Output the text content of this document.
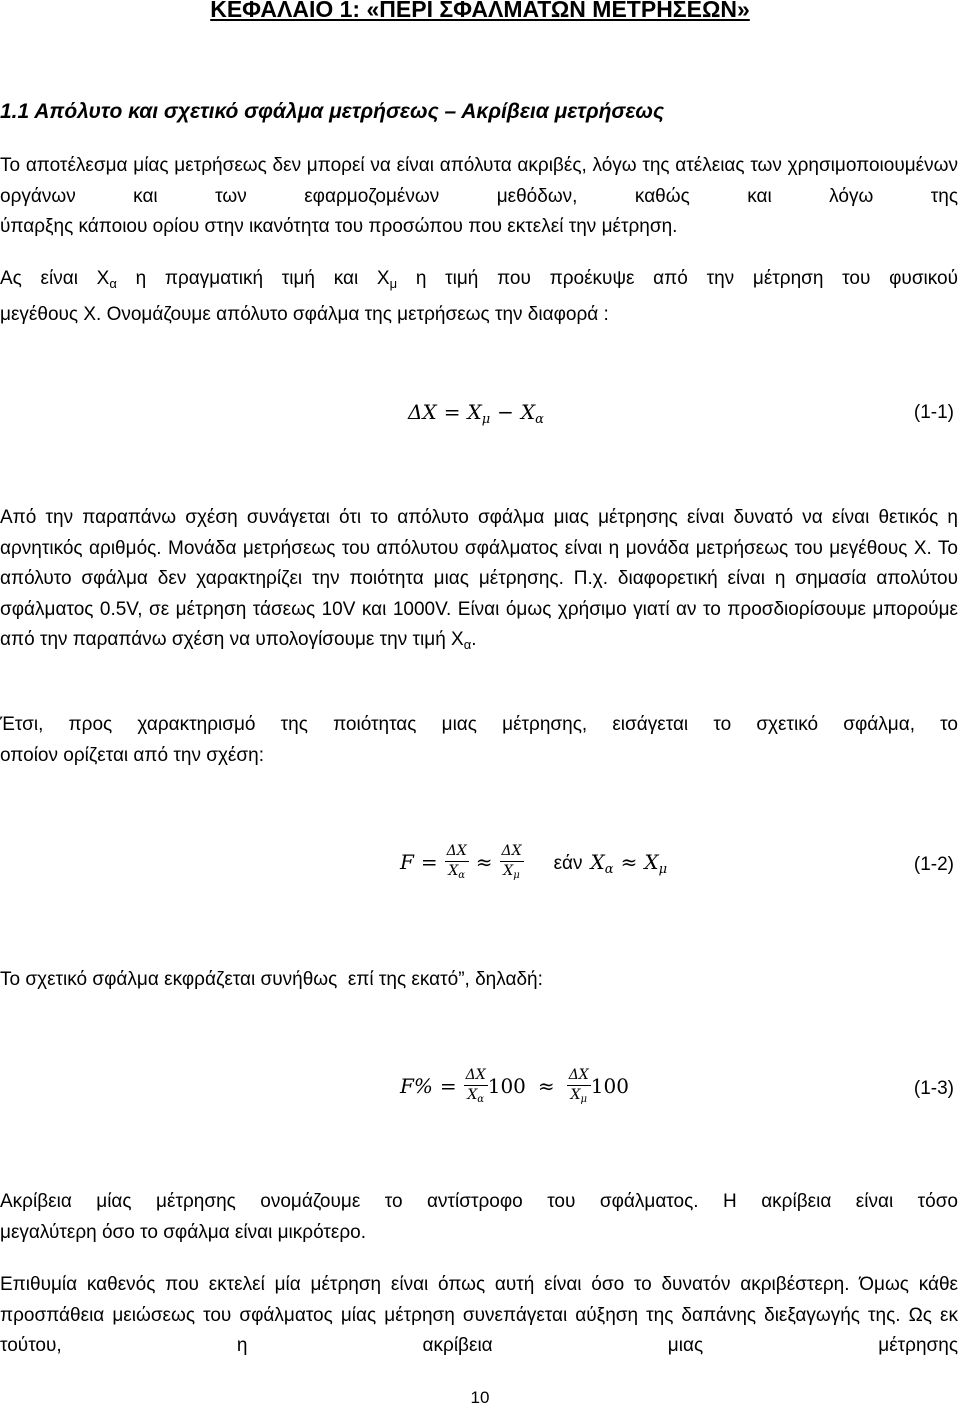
ΚΕΦΑΛΑΙΟ 1: «ΠΕΡΙ ΣΦΑΛΜΑΤΩΝ ΜΕΤΡΗΣΕΩΝ»
1.1 Απόλυτο και σχετικό σφάλμα μετρήσεως – Ακρίβεια μετρήσεως

Το αποτέλεσμα μίας μετρήσεως δεν μπορεί να είναι απόλυτα ακριβές, λόγω της ατέλειας των χρησιμοποιουμένων οργάνων και των εφαρμοζομένων μεθόδων, καθώς και λόγω της ύπαρξης κάποιου ορίου στην ικανότητα του προσώπου που εκτελεί την μέτρηση.

Ας είναι $X_\alpha$ η πραγματική τιμή και $X_\mu$ η τιμή που προέκυψε από την μέτρηση του φυσικού μεγέθους Χ. Ονομάζουμε απόλυτο σφάλμα της μετρήσεως την διαφορά :

$\Delta X = X_\mu - X_\alpha$	(1-1)

Από την παραπάνω σχέση συνάγεται ότι το απόλυτο σφάλμα μιας μέτρησης είναι δυνατό να είναι θετικός η αρνητικός αριθμός. Μονάδα μετρήσεως του απόλυτου σφάλματος είναι η μονάδα μετρήσεως του μεγέθους Χ. Το απόλυτο σφάλμα δεν χαρακτηρίζει την ποιότητα μιας μέτρησης. Π.χ. διαφορετική είναι η σημασία απολύτου σφάλματος 0.5V, σε μέτρηση τάσεως 10V και 1000V. Είναι όμως χρήσιμο γιατί αν το προσδιορίσουμε μπορούμε από την παραπάνω σχέση να υπολογίσουμε την τιμή $X_\alpha$.

Έτσι, προς χαρακτηρισμό της ποιότητας μιας μέτρησης, εισάγεται το σχετικό σφάλμα, το οποίον ορίζεται από την σχέση:

$F = \frac{\Delta X}{X_\alpha} \approx \frac{\Delta X}{X_\mu}$ εάν $X_\alpha \approx X_\mu$	(1-2)

Το σχετικό σφάλμα εκφράζεται συνήθως  επί της εκατό”, δηλαδή:

$F\% = \frac{\Delta X}{X_\alpha} 100 \approx \frac{\Delta X}{X_\mu} 100$	(1-3)

Ακρίβεια μίας μέτρησης ονομάζουμε το αντίστροφο του σφάλματος. Η ακρίβεια είναι τόσο μεγαλύτερη όσο το σφάλμα είναι μικρότερο.

Επιθυμία καθενός που εκτελεί μία μέτρηση είναι όπως αυτή είναι όσο το δυνατόν ακριβέστερη. Όμως κάθε προσπάθεια μειώσεως του σφάλματος μίας μέτρηση συνεπάγεται αύξηση της δαπάνης διεξαγωγής της. Ως εκ τούτου, η ακρίβεια μιας μέτρησης

10
